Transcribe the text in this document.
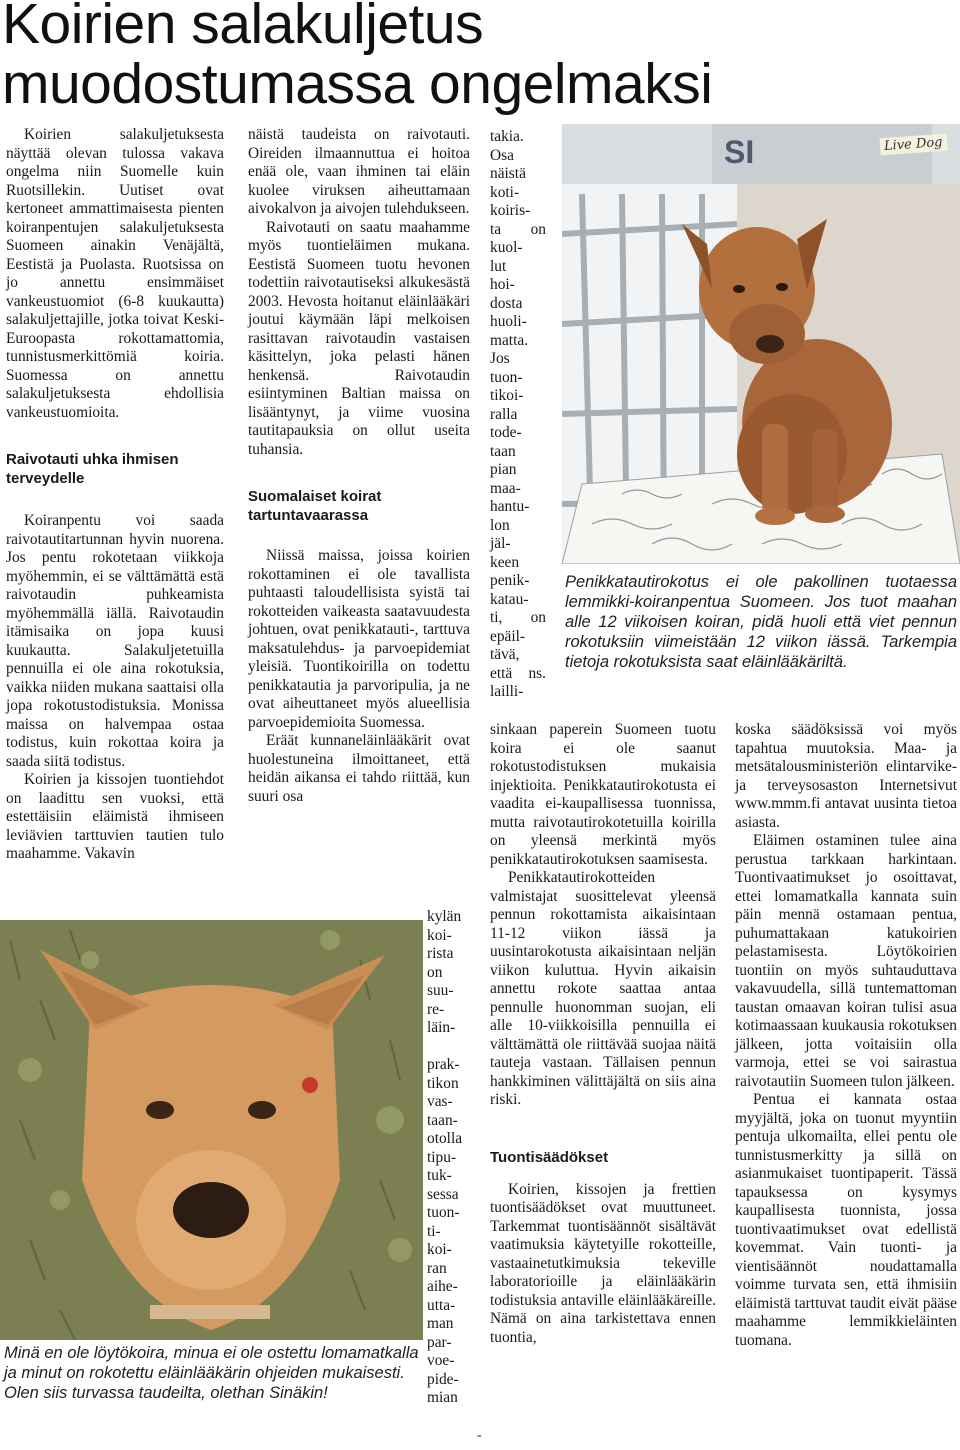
Koirien salakuljetus
muodostumassa ongelmaksi

Koirien salakuljetuksesta näyttää olevan tulossa vakava ongelma niin Suomelle kuin Ruotsillekin. Uutiset ovat kertoneet ammattimaisesta pienten koiranpentujen salakuljetuksesta Suomeen ainakin Venäjältä, Eestistä ja Puolasta. Ruotsissa on jo annettu ensimmäiset vankeustuomiot (6-8 kuukautta) salakuljettajille, jotka toivat Keski-Euroopasta rokottamattomia, tunnistusmerkittömiä koiria. Suomessa on annettu salakuljetuksesta ehdollisia vankeustuomioita.

Raivotauti uhka ihmisen terveydelle

Koiranpentu voi saada raivotautitartunnan hyvin nuorena. Jos pentu rokotetaan viikkoja myöhemmin, ei se välttämättä estä raivotaudin puhkeamista myöhemmällä iällä. Raivotaudin itämisaika on jopa kuusi kuukautta. Salakuljetetuilla pennuilla ei ole aina rokotuksia, vaikka niiden mukana saattaisi olla jopa rokotustodistuksia. Monissa maissa on halvempaa ostaa todistus, kuin rokottaa koira ja saada siitä todistus.

Koirien ja kissojen tuontiehdot on laadittu sen vuoksi, että estettäisiin eläimistä ihmiseen leviävien tarttuvien tautien tulo maahamme. Vakavin

näistä taudeista on raivotauti. Oireiden ilmaannuttua ei hoitoa enää ole, vaan ihminen tai eläin kuolee viruksen aiheuttamaan aivokalvon ja aivojen tulehdukseen.

Raivotauti on saatu maahamme myös tuontieläimen mukana. Eestistä Suomeen tuotu hevonen todettiin raivotautiseksi alkukesästä 2003. Hevosta hoitanut eläinlääkäri joutui käymään läpi melkoisen rasittavan raivotaudin vastaisen käsittelyn, joka pelasti hänen henkensä. Raivotaudin esiintyminen Baltian maissa on lisääntynyt, ja viime vuosina tautitapauksia on ollut useita tuhansia.

Suomalaiset koirat tartuntavaarassa

Niissä maissa, joissa koirien rokottaminen ei ole tavallista puhtaasti taloudellisista syistä tai rokotteiden vaikeasta saatavuudesta johtuen, ovat penikkatauti-, tarttuva maksatulehdus- ja parvoepidemiat yleisiä. Tuontikoirilla on todettu penikkatautia ja parvoripulia, ja ne ovat aiheuttaneet myös alueellisia parvoepidemioita Suomessa.

Eräät kunnaneläinlääkärit ovat huolestuneina ilmoittaneet, että heidän aikansa ei tahdo riittää, kun suuri osa

kylän
koi-
rista
on
suu-
re-
läin-
prak-
tikon
vas-
taan-
otolla
tipu-
tuk-
sessa
tuon-
ti-
koi-
ran
aihe-
utta-
man
par-
voe-
pide-
mian
takia.
Osa
näistä
koti-
koiris-
ta on
kuol-
lut
hoi-
dosta
huoli-
matta.
Jos
tuon-
tikoi-
ralla
tode-
taan
pian
maa-
hantu-
lon
jäl-
keen
penik-
katau-
ti, on
epäil-
tävä,
että ns.
lailli-

sinkaan paperein Suomeen tuotu koira ei ole saanut rokotustodistuksen mukaisia injektioita. Penikkatautirokotusta ei vaadita ei-kaupallisessa tuonnissa, mutta raivotautirokotetuilla koirilla on yleensä merkintä myös penikkatautirokotuksen saamisesta.

Penikkatautirokotteiden valmistajat suosittelevat yleensä pennun rokottamista aikaisintaan 11-12 viikon iässä ja uusintarokotusta aikaisintaan neljän viikon kuluttua. Hyvin aikaisin annettu rokote saattaa antaa pennulle huonomman suojan, eli alle 10-viikkoisilla pennuilla ei välttämättä ole riittävää suojaa näitä tauteja vastaan. Tällaisen pennun hankkiminen välittäjältä on siis aina riski.

Tuontisäädökset

Koirien, kissojen ja frettien tuontisäädökset ovat muuttuneet. Tarkemmat tuontisäännöt sisältävät vaatimuksia käytetyille rokotteille, vastaainetutkimuksia tekeville laboratorioille ja eläinlääkärin todistuksia antaville eläinlääkäreille. Nämä on aina tarkistettava ennen tuontia,

koska säädöksissä voi myös tapahtua muutoksia. Maa- ja metsätalousministeriön elintarvike- ja terveysosaston Internetsivut www.mmm.fi antavat uusinta tietoa asiasta.

Eläimen ostaminen tulee aina perustua tarkkaan harkintaan. Tuontivaatimukset jo osoittavat, ettei lomamatkalla kannata suin päin mennä ostamaan pentua, puhumattakaan katukoirien pelastamisesta. Löytökoirien tuontiin on myös suhtauduttava vakavuudella, sillä tuntemattoman taustan omaavan koiran tulisi asua kotimaassaan kuukausia rokotuksen jälkeen, jotta voitaisiin olla varmoja, ettei se voi sairastua raivotautiin Suomeen tulon jälkeen.

Pentua ei kannata ostaa myyjältä, joka on tuonut myyntiin pentuja ulkomailta, ellei pentu ole tunnistusmerkitty ja sillä on asianmukaiset tuontipaperit. Tässä tapauksessa on kysymys kaupallisesta tuonnista, jossa tuontivaatimukset ovat edellistä kovemmat. Vain tuonti- ja vientisäännöt noudattamalla voimme turvata sen, että ihmisiin eläimistä tarttuvat taudit eivät pääse maahamme lemmikkieläinten tuomana.

SI	Live Dog
Penikkatautirokotus ei ole pakollinen tuotaessa lemmikki-koiranpentua Suomeen. Jos tuot maahan alle 12 viikoisen koiran, pidä huoli että viet pennun rokotuksiin viimeistään 12 viikon iässä. Tarkempia tietoja rokotuksista saat eläinlääkäriltä.
Minä en ole löytökoira, minua ei ole ostettu lomamatkalla ja minut on rokotettu eläinlääkärin ohjeiden mukaisesti. Olen siis turvassa taudeilta, olethan Sinäkin!
-
